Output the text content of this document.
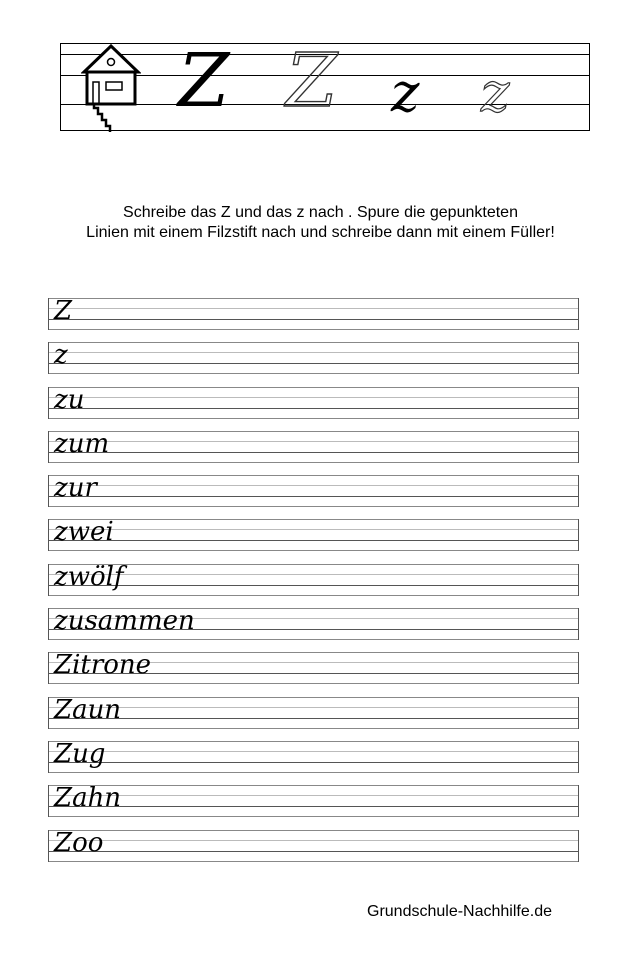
Z Z z z
Schreibe das Z und das z nach . Spure die gepunkteten
Linien mit einem Filzstift nach und schreibe dann mit einem Füller!
Z
z
zu
zum
zur
zwei
zwölf
zusammen
Zitrone
Zaun
Zug
Zahn
Zoo
Grundschule-Nachhilfe.de
